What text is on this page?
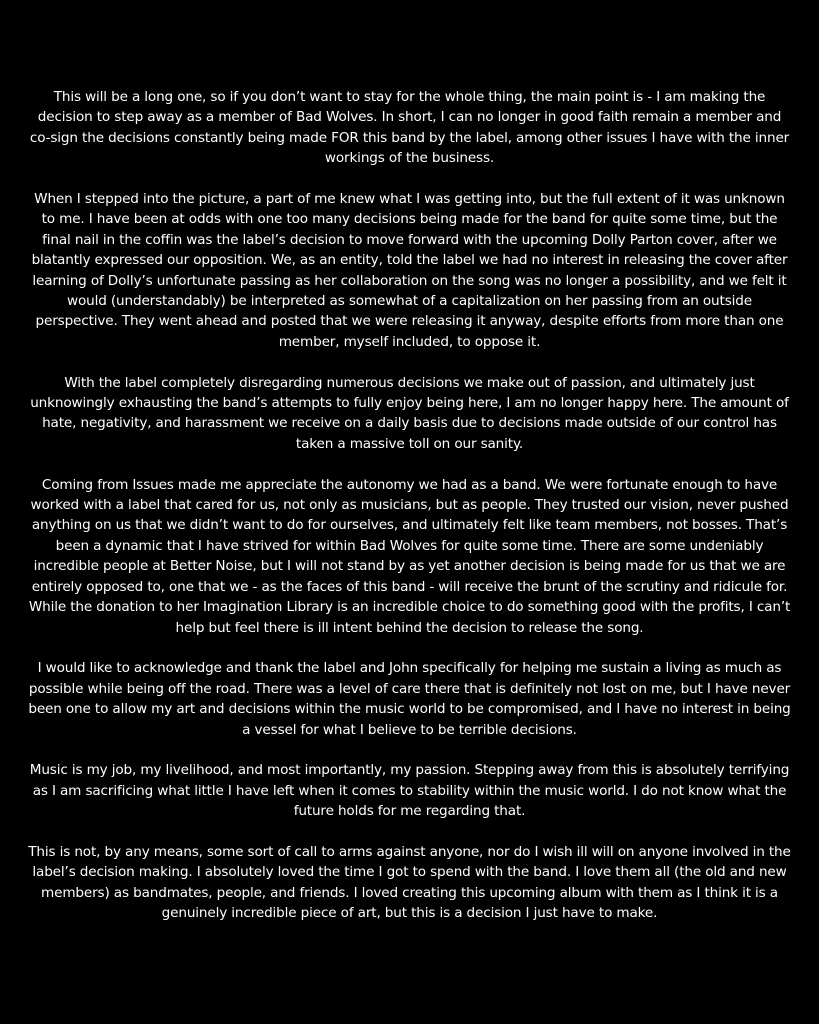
This will be a long one, so if you don’t want to stay for the whole thing, the main point is - I am making the decision to step away as a member of Bad Wolves. In short, I can no longer in good faith remain a member and co-sign the decisions constantly being made FOR this band by the label, among other issues I have with the inner workings of the business.

When I stepped into the picture, a part of me knew what I was getting into, but the full extent of it was unknown to me. I have been at odds with one too many decisions being made for the band for quite some time, but the final nail in the coffin was the label’s decision to move forward with the upcoming Dolly Parton cover, after we blatantly expressed our opposition. We, as an entity, told the label we had no interest in releasing the cover after learning of Dolly’s unfortunate passing as her collaboration on the song was no longer a possibility, and we felt it would (understandably) be interpreted as somewhat of a capitalization on her passing from an outside perspective. They went ahead and posted that we were releasing it anyway, despite efforts from more than one member, myself included, to oppose it.

With the label completely disregarding numerous decisions we make out of passion, and ultimately just unknowingly exhausting the band’s attempts to fully enjoy being here, I am no longer happy here. The amount of hate, negativity, and harassment we receive on a daily basis due to decisions made outside of our control has taken a massive toll on our sanity.

Coming from Issues made me appreciate the autonomy we had as a band. We were fortunate enough to have worked with a label that cared for us, not only as musicians, but as people. They trusted our vision, never pushed anything on us that we didn’t want to do for ourselves, and ultimately felt like team members, not bosses. That’s been a dynamic that I have strived for within Bad Wolves for quite some time. There are some undeniably incredible people at Better Noise, but I will not stand by as yet another decision is being made for us that we are entirely opposed to, one that we - as the faces of this band - will receive the brunt of the scrutiny and ridicule for. While the donation to her Imagination Library is an incredible choice to do something good with the profits, I can’t help but feel there is ill intent behind the decision to release the song.

I would like to acknowledge and thank the label and John specifically for helping me sustain a living as much as possible while being off the road. There was a level of care there that is definitely not lost on me, but I have never been one to allow my art and decisions within the music world to be compromised, and I have no interest in being a vessel for what I believe to be terrible decisions.

Music is my job, my livelihood, and most importantly, my passion. Stepping away from this is absolutely terrifying as I am sacrificing what little I have left when it comes to stability within the music world. I do not know what the future holds for me regarding that.

This is not, by any means, some sort of call to arms against anyone, nor do I wish ill will on anyone involved in the label’s decision making. I absolutely loved the time I got to spend with the band. I love them all (the old and new members) as bandmates, people, and friends. I loved creating this upcoming album with them as I think it is a genuinely incredible piece of art, but this is a decision I just have to make.
